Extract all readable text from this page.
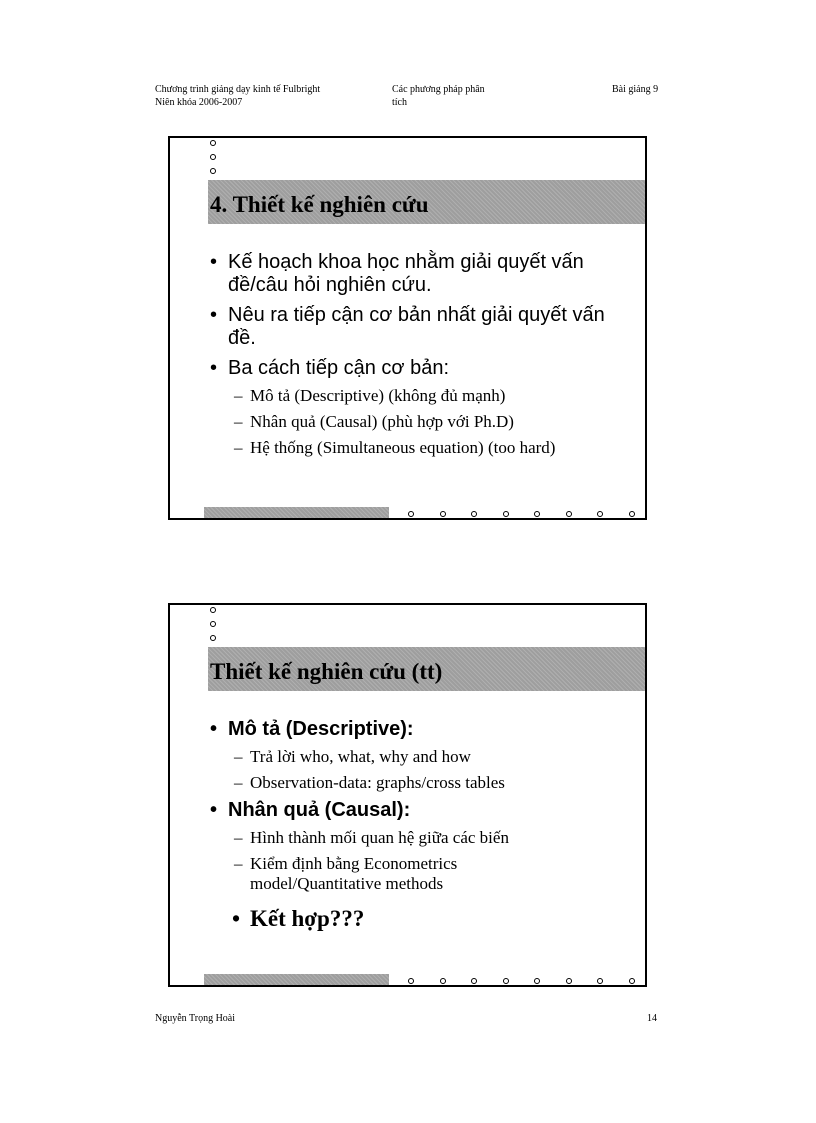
Chương trình giảng dạy kinh tế Fulbright
Niên khóa 2006-2007
Các phương pháp phân
tích
Bài giảng 9
4. Thiết kế nghiên cứu
• Kế hoạch khoa học nhằm giải quyết vấn đề/câu hỏi nghiên cứu.
• Nêu ra tiếp cận cơ bản nhất giải quyết vấn đề.
• Ba cách tiếp cận cơ bản:
– Mô tả (Descriptive) (không đủ mạnh)
– Nhân quả (Causal) (phù hợp với Ph.D)
– Hệ thống (Simultaneous equation) (too hard)
Thiết kế nghiên cứu (tt)
• Mô tả (Descriptive):
– Trả lời who, what, why and how
– Observation-data: graphs/cross tables
• Nhân quả (Causal):
– Hình thành mối quan hệ giữa các biến
– Kiểm định bằng Econometrics model/Quantitative methods
• Kết hợp???
Nguyễn Trọng Hoài	14
